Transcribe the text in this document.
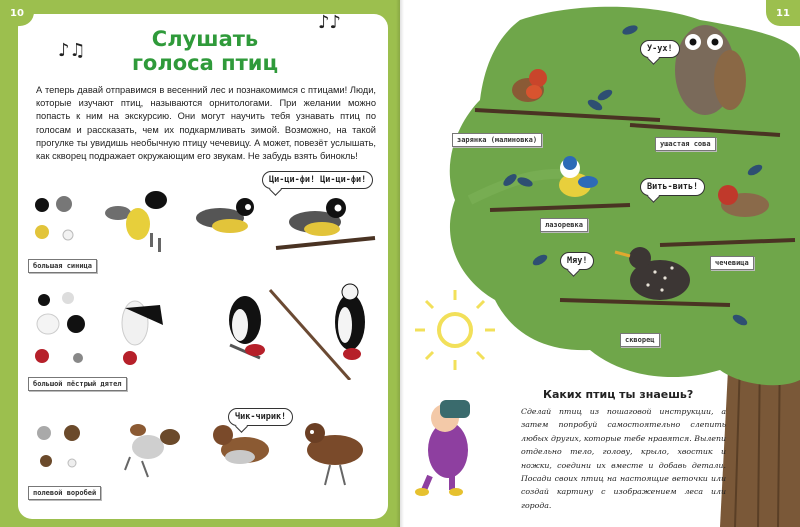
10
♪♫
♪♪
Слушать
голоса птиц

А теперь давай отправимся в весенний лес и познакомимся с птицами! Люди, которые изучают птиц, называются орнитологами. При желании можно попасть к ним на экскурсию. Они могут научить тебя узнавать птиц по голосам и рассказать, чем их подкармливать зимой. Возможно, на такой прогулке ты увидишь необычную птицу чечевицу. А может, повезёт услышать, как скворец подражает окружающим его звукам. Не забудь взять бинокль!

Ци-ци-фи! Ци-ци-фи!
большая синица
большой пёстрый дятел
Чик-чирик!
полевой воробей
11
зарянка (малиновка)	ушастая сова
лазоревка
чечевица
скворец
У-ух!
Вить-вить!
Мяу!
Каких птиц ты знаешь?

Сделай птиц из пошаговой инструкции, а затем попробуй самостоятельно слепить любых других, которые тебе нравятся. Вылепи отдельно тело, голову, крыло, хвостик и ножки, соедини их вместе и добавь детали. Посади своих птиц на настоящие веточки или создай картину с изображением леса или города.
